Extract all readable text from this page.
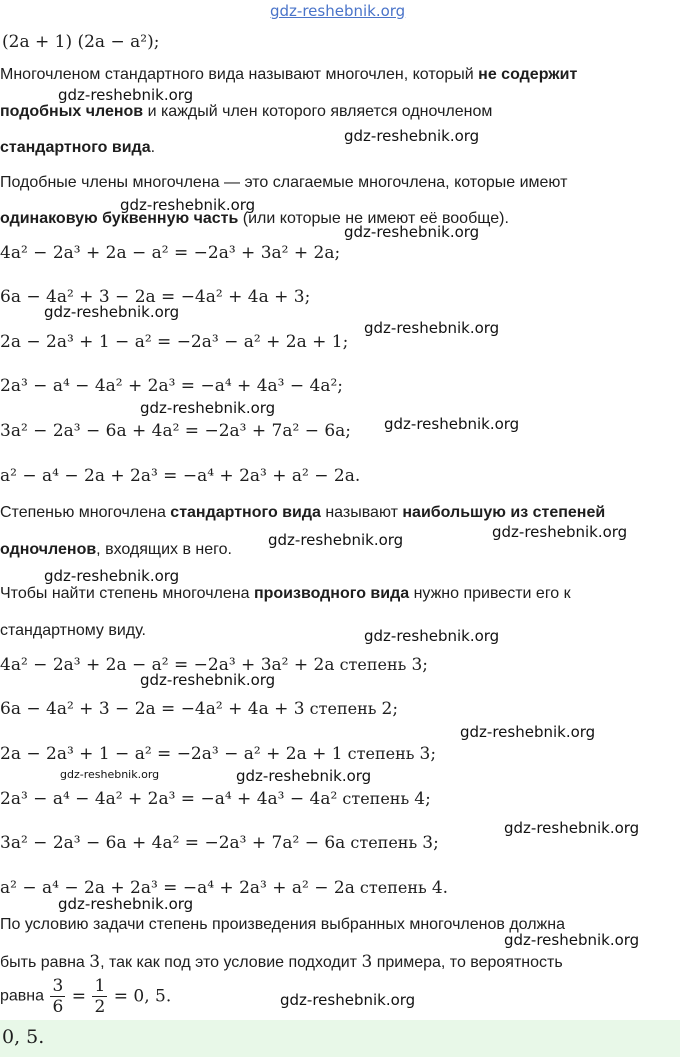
gdz-reshebnik.org
(2a + 1) (2a − a²);
Многочленом стандартного вида называют многочлен, который не содержит
подобных членов и каждый член которого является одночленом
стандартного вида.
gdz-reshebnik.org
gdz-reshebnik.org
Подобные члены многочлена — это слагаемые многочлена, которые имеют
одинаковую буквенную часть (или которые не имеют её вообще).
gdz-reshebnik.org
gdz-reshebnik.org
4a² − 2a³ + 2a − a² = −2a³ + 3a² + 2a;
6a − 4a² + 3 − 2a = −4a² + 4a + 3;
gdz-reshebnik.org
gdz-reshebnik.org
2a − 2a³ + 1 − a² = −2a³ − a² + 2a + 1;
2a³ − a⁴ − 4a² + 2a³ = −a⁴ + 4a³ − 4a²;
gdz-reshebnik.org
gdz-reshebnik.org
3a² − 2a³ − 6a + 4a² = −2a³ + 7a² − 6a;
a² − a⁴ − 2a + 2a³ = −a⁴ + 2a³ + a² − 2a.
Степенью многочлена стандартного вида называют наибольшую из степеней
одночленов, входящих в него.
gdz-reshebnik.org	gdz-reshebnik.org
gdz-reshebnik.org
Чтобы найти степень многочлена производного вида нужно привести его к
стандартному виду.	gdz-reshebnik.org
4a² − 2a³ + 2a − a² = −2a³ + 3a² + 2a степень 3;
gdz-reshebnik.org
6a − 4a² + 3 − 2a = −4a² + 4a + 3 степень 2;
gdz-reshebnik.org
2a − 2a³ + 1 − a² = −2a³ − a² + 2a + 1 степень 3;
gdz-reshebnik.org	gdz-reshebnik.org
2a³ − a⁴ − 4a² + 2a³ = −a⁴ + 4a³ − 4a² степень 4;
gdz-reshebnik.org
3a² − 2a³ − 6a + 4a² = −2a³ + 7a² − 6a степень 3;
a² − a⁴ − 2a + 2a³ = −a⁴ + 2a³ + a² − 2a степень 4.
gdz-reshebnik.org
По условию задачи степень произведения выбранных многочленов должна
gdz-reshebnik.org
быть равна 3, так как под это условие подходит 3 примера, то вероятность
равна $\frac{3}{6} = \frac{1}{2} = 0$, 5.	gdz-reshebnik.org
0, 5.
